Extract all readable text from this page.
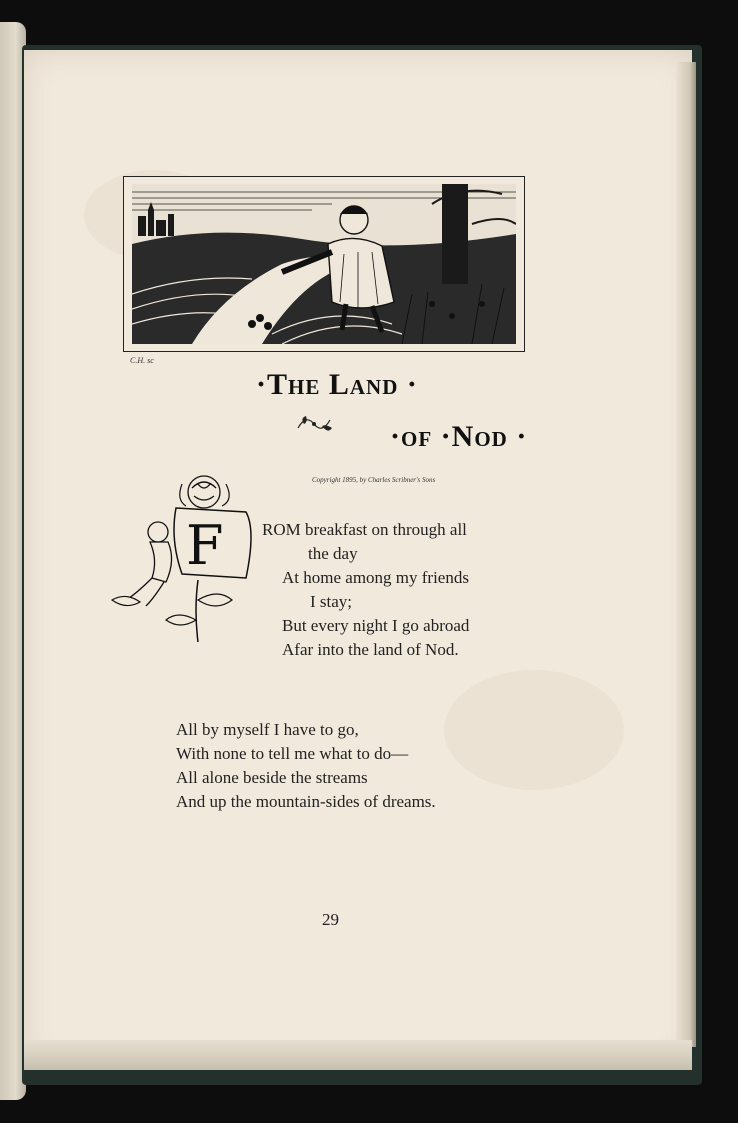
C.H. sc
·The Land ·
·of ·Nod ·
Copyright 1895, by Charles Scribner's Sons
F ROM breakfast on through all
the day
At home among my friends
I stay;
But every night I go abroad
Afar into the land of Nod.
All by myself I have to go,
With none to tell me what to do—
All alone beside the streams
And up the mountain-sides of dreams.
29
